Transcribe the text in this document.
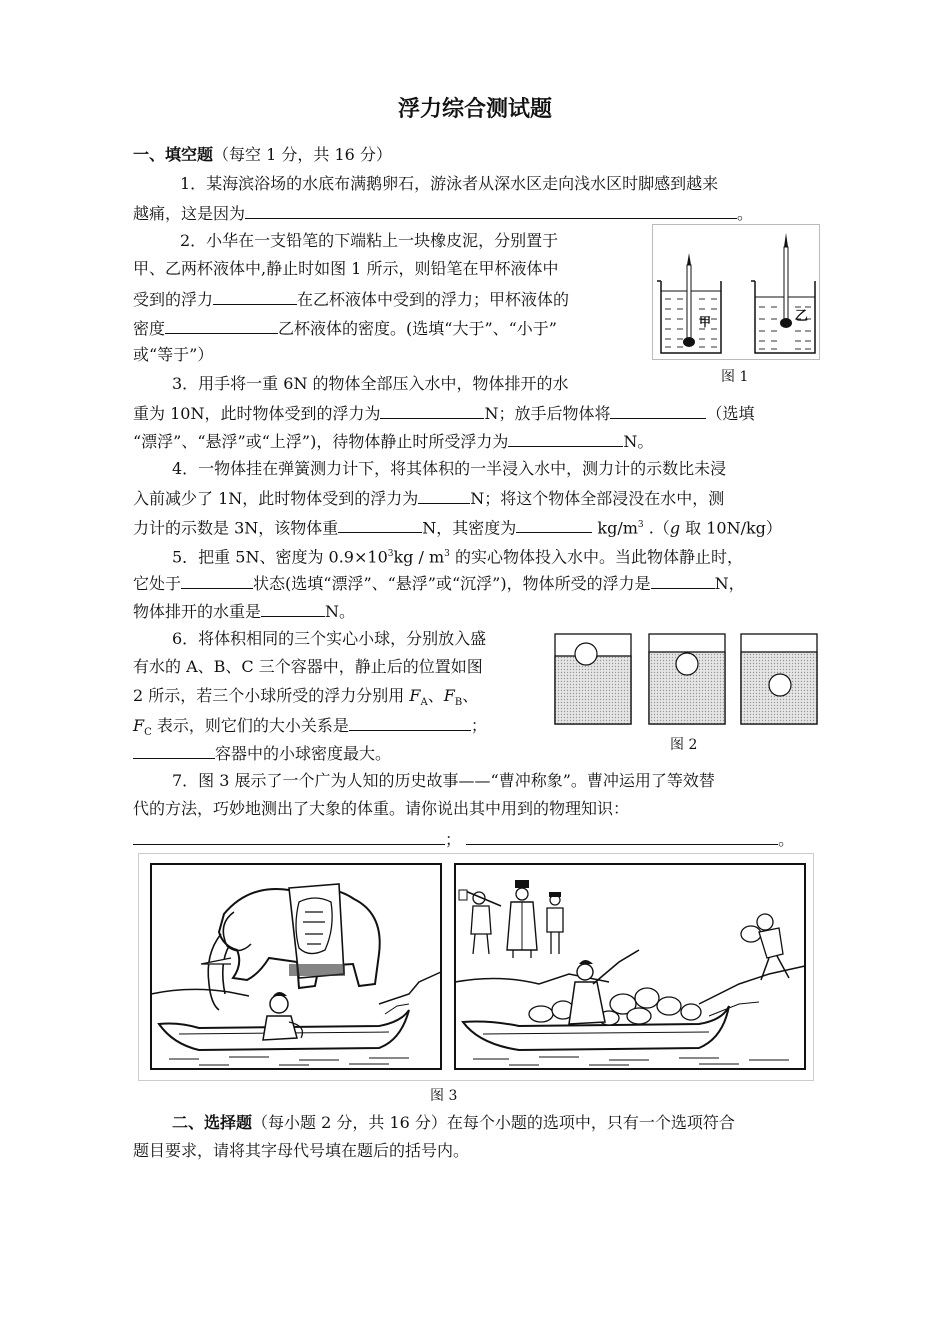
浮力综合测试题
一、填空题（每空 1 分，共 16 分）
1．某海滨浴场的水底布满鹅卵石，游泳者从深水区走向浅水区时脚感到越来
越痛，这是因为	。
2．小华在一支铅笔的下端粘上一块橡皮泥，分别置于
甲、乙两杯液体中,静止时如图 1 所示，则铅笔在甲杯液体中
受到的浮力	在乙杯液体中受到的浮力；甲杯液体的
密度	乙杯液体的密度。(选填“大于”、“小于”
或“等于”）
甲	乙
图 1
3．用手将一重 6N 的物体全部压入水中，物体排开的水
重为 10N，此时物体受到的浮力为	N；放手后物体将	（选填
“漂浮”、“悬浮”或“上浮”)，待物体静止时所受浮力为	N。
4．一物体挂在弹簧测力计下，将其体积的一半浸入水中，测力计的示数比未浸
入前减少了 1N，此时物体受到的浮力为	N；将这个物体全部浸没在水中，测
力计的示数是 3N，该物体重	N，其密度为	$kg/m^3$ .（g 取 10N/kg）
5．把重 5N、密度为 $0.9\times 10^3kg / m^3$ 的实心物体投入水中。当此物体静止时，
它处于	状态(选填“漂浮”、“悬浮”或“沉浮”)，物体所受的浮力是	N，
物体排开的水重是	N。
6．将体积相同的三个实心小球，分别放入盛
有水的 A、B、C 三个容器中，静止后的位置如图
2 所示，若三个小球所受的浮力分别用 $F_A$、$F_B$、
$F_C$ 表示，则它们的大小关系是	；
容器中的小球密度最大。	图 2
7．图 3 展示了一个广为人知的历史故事——“曹冲称象”。曹冲运用了等效替
代的方法，巧妙地测出了大象的体重。请你说出其中用到的物理知识：
；	。
图 3
二、选择题（每小题 2 分，共 16 分）在每个小题的选项中，只有一个选项符合
题目要求，请将其字母代号填在题后的括号内。
